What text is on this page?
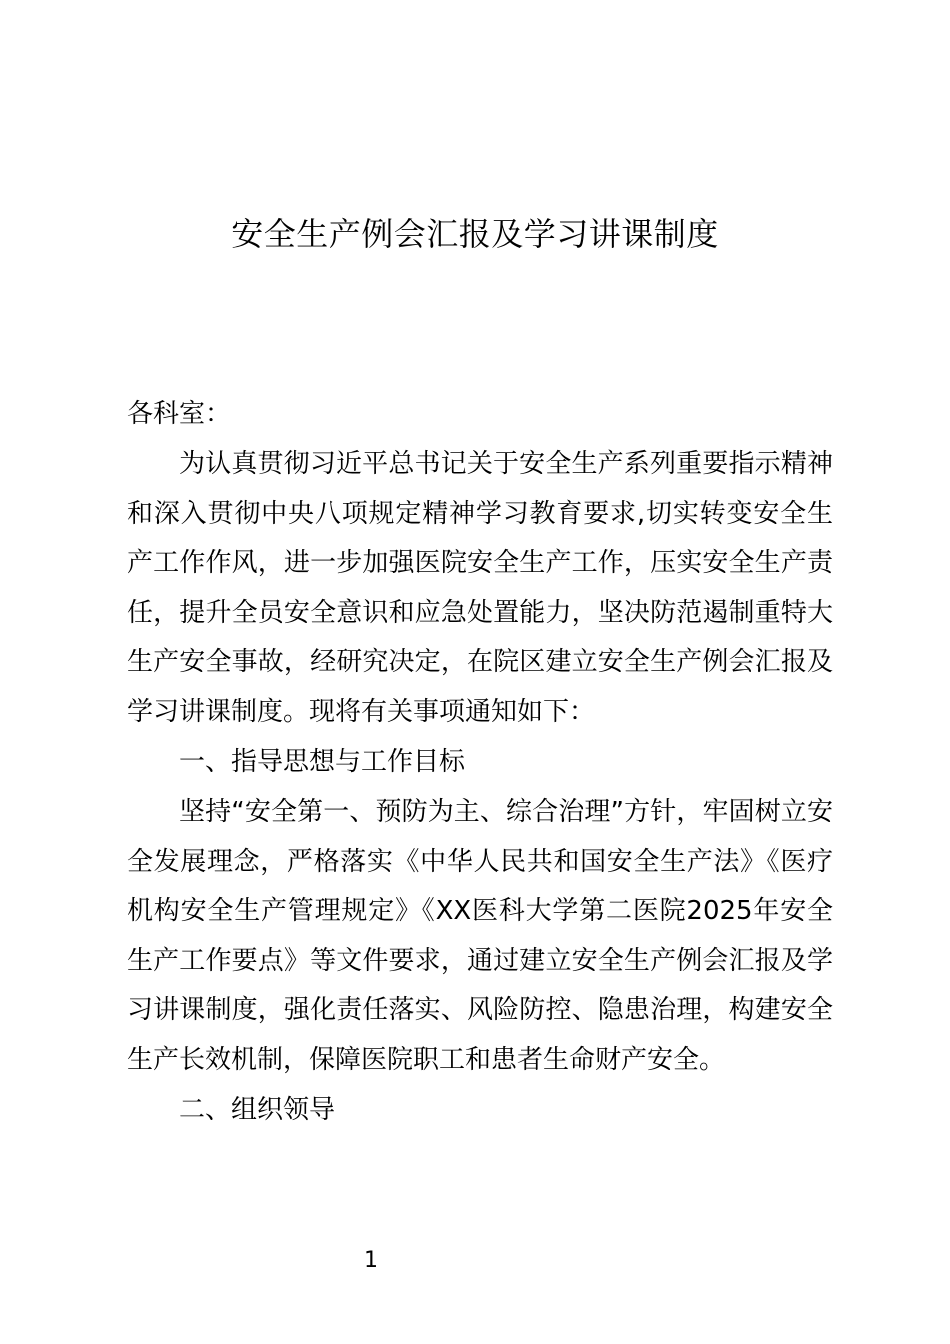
安全生产例会汇报及学习讲课制度
各科室：
为认真贯彻习近平总书记关于安全生产系列重要指示精神和深入贯彻中央八项规定精神学习教育要求,切实转变安全生产工作作风，进一步加强医院安全生产工作，压实安全生产责任，提升全员安全意识和应急处置能力，坚决防范遏制重特大生产安全事故，经研究决定，在院区建立安全生产例会汇报及学习讲课制度。现将有关事项通知如下：
一、指导思想与工作目标
坚持“安全第一、预防为主、综合治理”方针，牢固树立安全发展理念，严格落实《中华人民共和国安全生产法》《医疗机构安全生产管理规定》《XX医科大学第二医院2025年安全生产工作要点》等文件要求，通过建立安全生产例会汇报及学习讲课制度，强化责任落实、风险防控、隐患治理，构建安全生产长效机制，保障医院职工和患者生命财产安全。
二、组织领导
1
